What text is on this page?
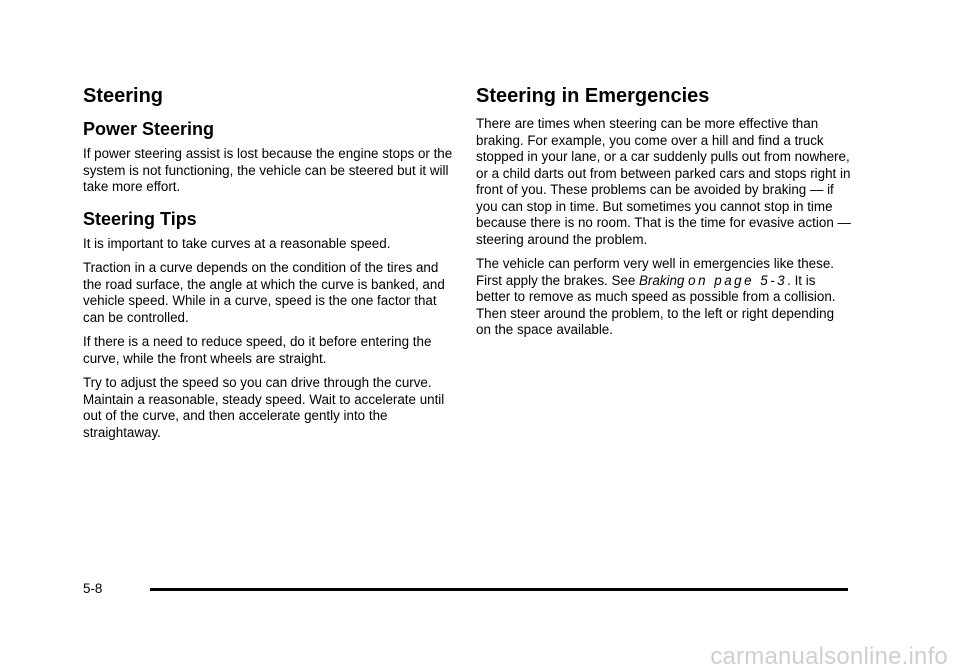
Steering
Power Steering

If power steering assist is lost because the engine stops or the system is not functioning, the vehicle can be steered but it will take more effort.

Steering Tips

It is important to take curves at a reasonable speed.

Traction in a curve depends on the condition of the tires and the road surface, the angle at which the curve is banked, and vehicle speed. While in a curve, speed is the one factor that can be controlled.

If there is a need to reduce speed, do it before entering the curve, while the front wheels are straight.

Try to adjust the speed so you can drive through the curve. Maintain a reasonable, steady speed. Wait to accelerate until out of the curve, and then accelerate gently into the straightaway.

Steering in Emergencies

There are times when steering can be more effective than braking. For example, you come over a hill and find a truck stopped in your lane, or a car suddenly pulls out from nowhere, or a child darts out from between parked cars and stops right in front of you. These problems can be avoided by braking — if you can stop in time. But sometimes you cannot stop in time because there is no room. That is the time for evasive action — steering around the problem.

The vehicle can perform very well in emergencies like these. First apply the brakes. See Braking on page 5-3. It is better to remove as much speed as possible from a collision. Then steer around the problem, to the left or right depending on the space available.

5-8
carmanualsonline.info
